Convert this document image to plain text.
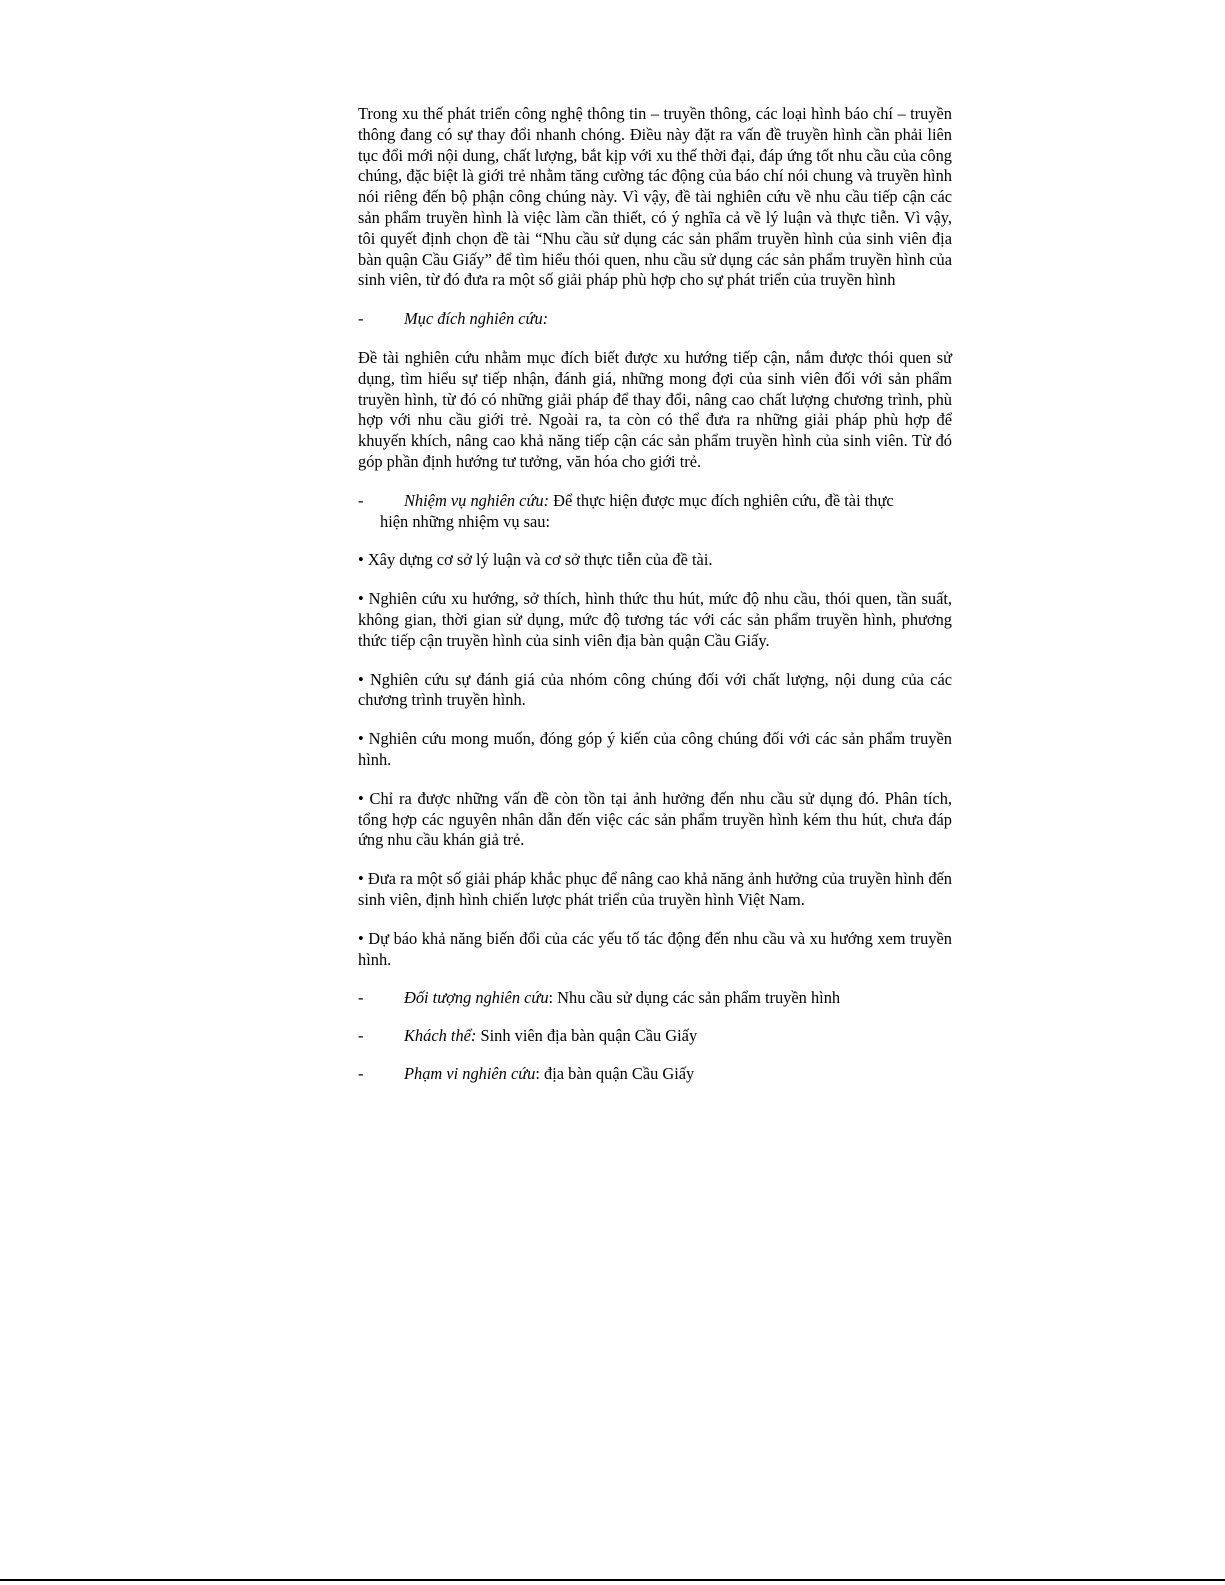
Trong xu thế phát triển công nghệ thông tin – truyền thông, các loại hình báo chí – truyền thông đang có sự thay đổi nhanh chóng. Điều này đặt ra vấn đề truyền hình cần phải liên tục đổi mới nội dung, chất lượng, bắt kịp với xu thế thời đại, đáp ứng tốt nhu cầu của công chúng, đặc biệt là giới trẻ nhằm tăng cường tác động của báo chí nói chung và truyền hình nói riêng đến bộ phận công chúng này. Vì vậy, đề tài nghiên cứu về nhu cầu tiếp cận các sản phẩm truyền hình là việc làm cần thiết, có ý nghĩa cả về lý luận và thực tiễn. Vì vậy, tôi quyết định chọn đề tài “Nhu cầu sử dụng các sản phẩm truyền hình của sinh viên địa bàn quận Cầu Giấy” để tìm hiểu thói quen, nhu cầu sử dụng các sản phẩm truyền hình của sinh viên, từ đó đưa ra một số giải pháp phù hợp cho sự phát triển của truyền hình

- Mục đích nghiên cứu:

Đề tài nghiên cứu nhằm mục đích biết được xu hướng tiếp cận, nắm được thói quen sử dụng, tìm hiểu sự tiếp nhận, đánh giá, những mong đợi của sinh viên đối với sản phẩm truyền hình, từ đó có những giải pháp để thay đổi, nâng cao chất lượng chương trình, phù hợp với nhu cầu giới trẻ. Ngoài ra, ta còn có thể đưa ra những giải pháp phù hợp để khuyến khích, nâng cao khả năng tiếp cận các sản phẩm truyền hình của sinh viên. Từ đó góp phần định hướng tư tưởng, văn hóa cho giới trẻ.

- Nhiệm vụ nghiên cứu: Để thực hiện được mục đích nghiên cứu, đề tài thực
hiện những nhiệm vụ sau:

• Xây dựng cơ sở lý luận và cơ sở thực tiễn của đề tài.

• Nghiên cứu xu hướng, sở thích, hình thức thu hút, mức độ nhu cầu, thói quen, tần suất, không gian, thời gian sử dụng, mức độ tương tác với các sản phẩm truyền hình, phương thức tiếp cận truyền hình của sinh viên địa bàn quận Cầu Giấy.

• Nghiên cứu sự đánh giá của nhóm công chúng đối với chất lượng, nội dung của các chương trình truyền hình.

• Nghiên cứu mong muốn, đóng góp ý kiến của công chúng đối với các sản phẩm truyền hình.

• Chỉ ra được những vấn đề còn tồn tại ảnh hưởng đến nhu cầu sử dụng đó. Phân tích, tổng hợp các nguyên nhân dẫn đến việc các sản phẩm truyền hình kém thu hút, chưa đáp ứng nhu cầu khán giả trẻ.

• Đưa ra một số giải pháp khắc phục để nâng cao khả năng ảnh hưởng của truyền hình đến sinh viên, định hình chiến lược phát triển của truyền hình Việt Nam.

• Dự báo khả năng biến đổi của các yếu tố tác động đến nhu cầu và xu hướng xem truyền hình.

- Đối tượng nghiên cứu: Nhu cầu sử dụng các sản phẩm truyền hình

- Khách thể: Sinh viên địa bàn quận Cầu Giấy

- Phạm vi nghiên cứu: địa bàn quận Cầu Giấy
